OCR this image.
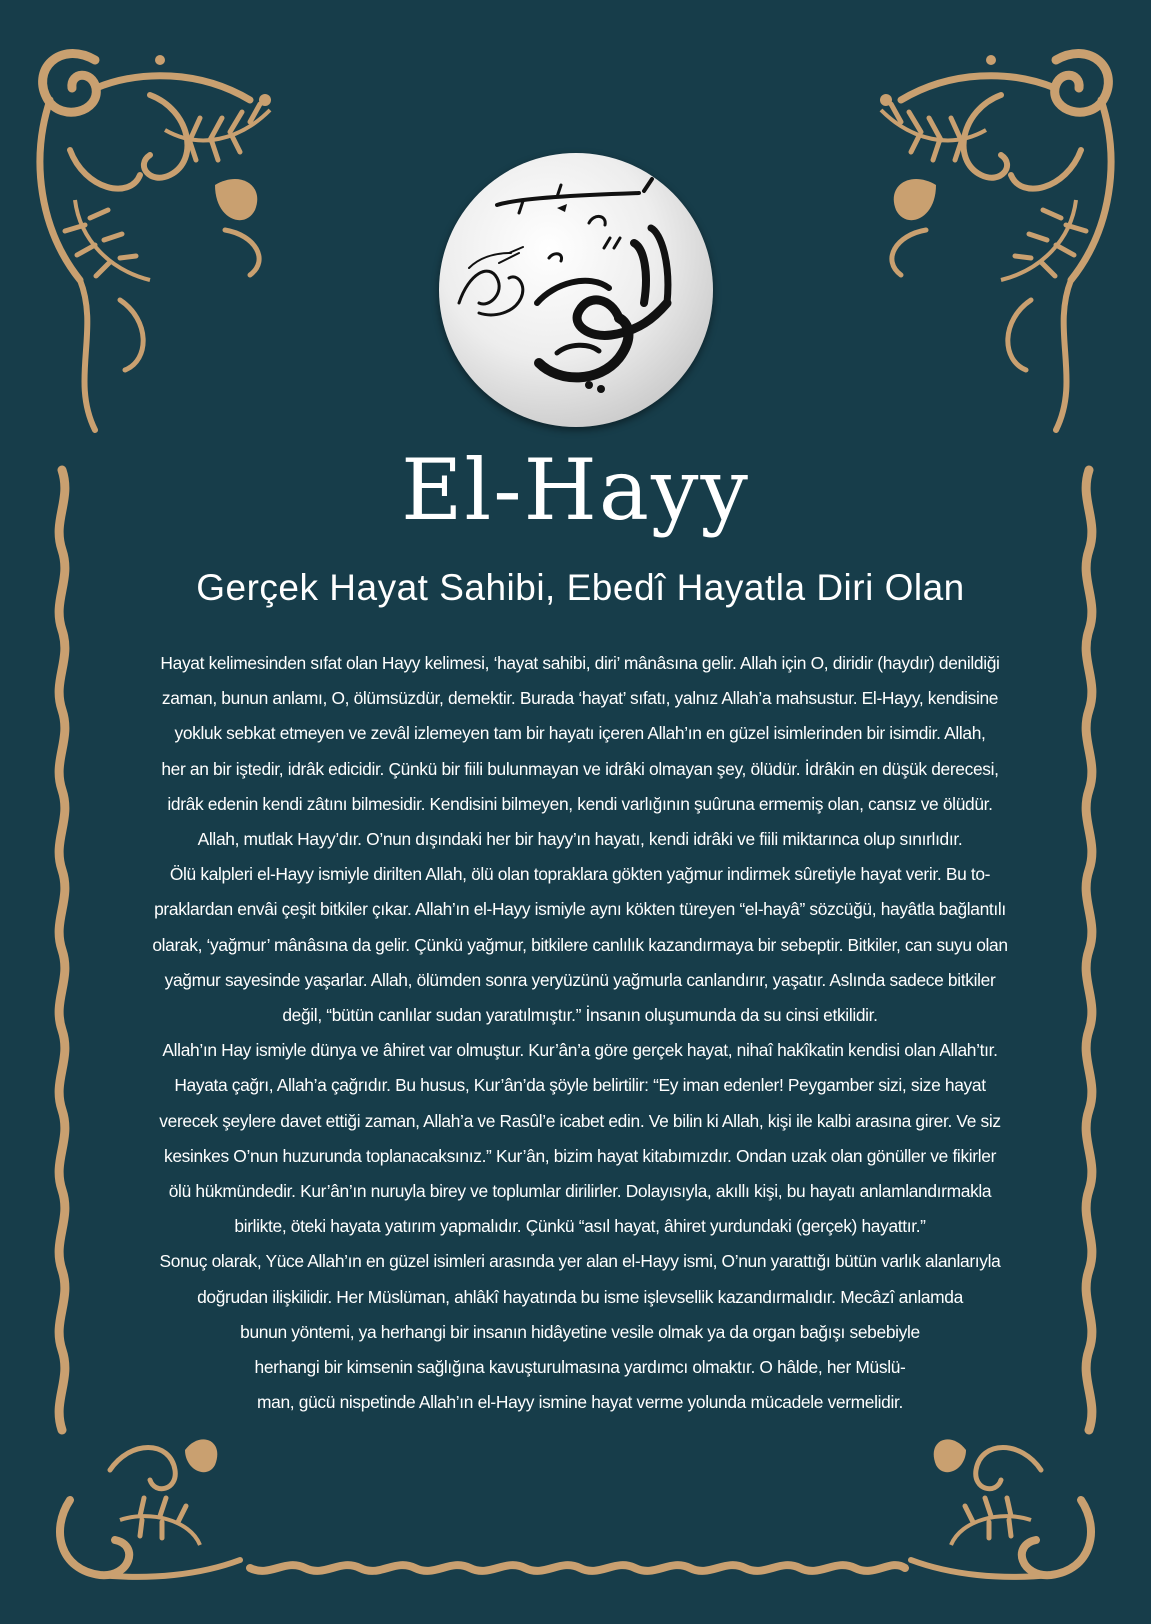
El-Hayy
Gerçek Hayat Sahibi, Ebedî Hayatla Diri Olan
Hayat kelimesinden sıfat olan Hayy kelimesi, ‘hayat sahibi, diri’ mânâsına gelir. Allah için O, diridir (haydır) denildiği
zaman, bunun anlamı, O, ölümsüzdür, demektir. Burada ‘hayat’ sıfatı, yalnız Allah’a mahsustur. El-Hayy, kendisine
yokluk sebkat etmeyen ve zevâl izlemeyen tam bir hayatı içeren Allah’ın en güzel isimlerinden bir isimdir. Allah,
her an bir iştedir, idrâk edicidir. Çünkü bir fiili bulunmayan ve idrâki olmayan şey, ölüdür. İdrâkin en düşük derecesi,
idrâk edenin kendi zâtını bilmesidir. Kendisini bilmeyen, kendi varlığının şuûruna ermemiş olan, cansız ve ölüdür.
Allah, mutlak Hayy’dır. O’nun dışındaki her bir hayy’ın hayatı, kendi idrâki ve fiili miktarınca olup sınırlıdır.
Ölü kalpleri el-Hayy ismiyle dirilten Allah, ölü olan topraklara gökten yağmur indirmek sûretiyle hayat verir. Bu to-
praklardan envâi çeşit bitkiler çıkar. Allah’ın el-Hayy ismiyle aynı kökten türeyen “el-hayâ” sözcüğü, hayâtla bağlantılı
olarak, ‘yağmur’ mânâsına da gelir. Çünkü yağmur, bitkilere canlılık kazandırmaya bir sebeptir. Bitkiler, can suyu olan
yağmur sayesinde yaşarlar. Allah, ölümden sonra yeryüzünü yağmurla canlandırır, yaşatır. Aslında sadece bitkiler
değil, “bütün canlılar sudan yaratılmıştır.” İnsanın oluşumunda da su cinsi etkilidir.
Allah’ın Hay ismiyle dünya ve âhiret var olmuştur. Kur’ân’a göre gerçek hayat, nihaî hakîkatin kendisi olan Allah’tır.
Hayata çağrı, Allah’a çağrıdır. Bu husus, Kur’ân’da şöyle belirtilir: “Ey iman edenler! Peygamber sizi, size hayat
verecek şeylere davet ettiği zaman, Allah’a ve Rasûl’e icabet edin. Ve bilin ki Allah, kişi ile kalbi arasına girer. Ve siz
kesinkes O’nun huzurunda toplanacaksınız.” Kur’ân, bizim hayat kitabımızdır. Ondan uzak olan gönüller ve fikirler
ölü hükmündedir. Kur’ân’ın nuruyla birey ve toplumlar dirilirler. Dolayısıyla, akıllı kişi, bu hayatı anlamlandırmakla
birlikte, öteki hayata yatırım yapmalıdır. Çünkü “asıl hayat, âhiret yurdundaki (gerçek) hayattır.”
Sonuç olarak, Yüce Allah’ın en güzel isimleri arasında yer alan el-Hayy ismi, O’nun yarattığı bütün varlık alanlarıyla
doğrudan ilişkilidir. Her Müslüman, ahlâkî hayatında bu isme işlevsellik kazandırmalıdır. Mecâzî anlamda
bunun yöntemi, ya herhangi bir insanın hidâyetine vesile olmak ya da organ bağışı sebebiyle
herhangi bir kimsenin sağlığına kavuşturulmasına yardımcı olmaktır. O hâlde, her Müslü-
man, gücü nispetinde Allah’ın el-Hayy ismine hayat verme yolunda mücadele vermelidir.
